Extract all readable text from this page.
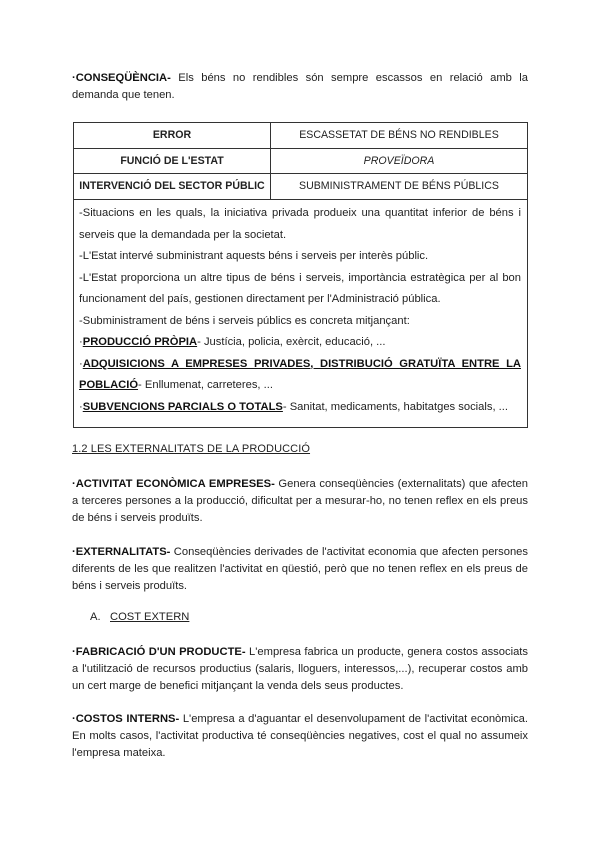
·CONSEQÜÈNCIA- Els béns no rendibles són sempre escassos en relació amb la demanda que tenen.

ERROR	ESCASSETAT DE BÉNS NO RENDIBLES
FUNCIÓ DE L'ESTAT	PROVEÏDORA
INTERVENCIÓ DEL SECTOR PÚBLIC	SUBMINISTRAMENT DE BÉNS PÚBLICS

-Situacions en les quals, la iniciativa privada produeix una quantitat inferior de béns i serveis que la demandada per la societat.

-L'Estat intervé subministrant aquests béns i serveis per interès públic.

-L'Estat proporciona un altre tipus de béns i serveis, importància estratègica per al bon funcionament del país, gestionen directament per l'Administració pública.

-Subministrament de béns i serveis públics es concreta mitjançant:

·PRODUCCIÓ PRÒPIA- Justícia, policia, exèrcit, educació, ...

·ADQUISICIONS A EMPRESES PRIVADES, DISTRIBUCIÓ GRATUÏTA ENTRE LA POBLACIÓ- Enllumenat, carreteres, ...

·SUBVENCIONS PARCIALS O TOTALS- Sanitat, medicaments, habitatges socials, ...

1.2 LES EXTERNALITATS DE LA PRODUCCIÓ

·ACTIVITAT ECONÒMICA EMPRESES- Genera conseqüències (externalitats) que afecten a terceres persones a la producció, dificultat per a mesurar-ho, no tenen reflex en els preus de béns i serveis produïts.

·EXTERNALITATS- Conseqüències derivades de l'activitat economia que afecten persones diferents de les que realitzen l'activitat en qüestió, però que no tenen reflex en els preus de béns i serveis produïts.

A. COST EXTERN

·FABRICACIÓ D'UN PRODUCTE- L'empresa fabrica un producte, genera costos associats a l'utilització de recursos productius (salaris, lloguers, interessos,...), recuperar costos amb un cert marge de benefici mitjançant la venda dels seus productes.

·COSTOS INTERNS- L'empresa a d'aguantar el desenvolupament de l'activitat econòmica. En molts casos, l'activitat productiva té conseqüències negatives, cost el qual no assumeix l'empresa mateixa.
